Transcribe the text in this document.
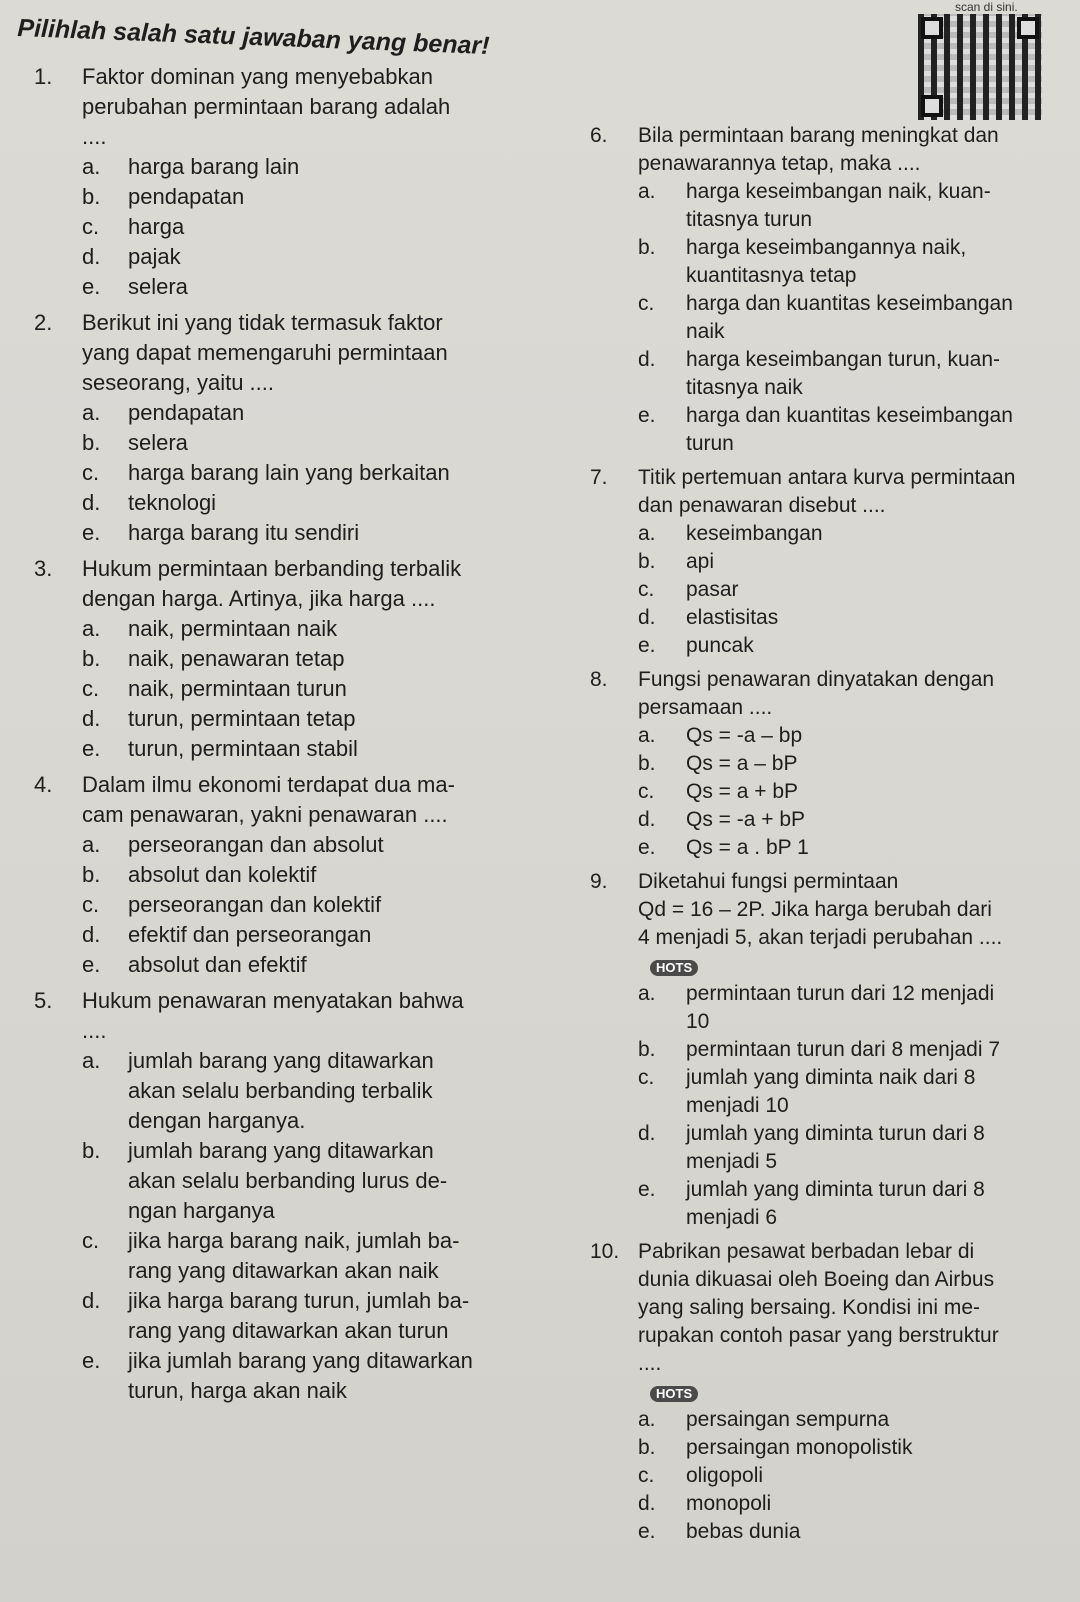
scan di sini.
Pilihlah salah satu jawaban yang benar!
1. Faktor dominan yang menyebabkan
perubahan permintaan barang adalah
....
a. harga barang lain
b. pendapatan
c. harga
d. pajak
e. selera
2. Berikut ini yang tidak termasuk faktor
yang dapat memengaruhi permintaan
seseorang, yaitu ....
a. pendapatan
b. selera
c. harga barang lain yang berkaitan
d. teknologi
e. harga barang itu sendiri
3. Hukum permintaan berbanding terbalik
dengan harga. Artinya, jika harga ....
a. naik, permintaan naik
b. naik, penawaran tetap
c. naik, permintaan turun
d. turun, permintaan tetap
e. turun, permintaan stabil
4. Dalam ilmu ekonomi terdapat dua ma-
cam penawaran, yakni penawaran ....
a. perseorangan dan absolut
b. absolut dan kolektif
c. perseorangan dan kolektif
d. efektif dan perseorangan
e. absolut dan efektif
5. Hukum penawaran menyatakan bahwa
....
a. jumlah barang yang ditawarkan
akan selalu berbanding terbalik
dengan harganya.
b. jumlah barang yang ditawarkan
akan selalu berbanding lurus de-
ngan harganya
c. jika harga barang naik, jumlah ba-
rang yang ditawarkan akan naik
d. jika harga barang turun, jumlah ba-
rang yang ditawarkan akan turun
e. jika jumlah barang yang ditawarkan
turun, harga akan naik
6. Bila permintaan barang meningkat dan
penawarannya tetap, maka ....
a. harga keseimbangan naik, kuan-
titasnya turun
b. harga keseimbangannya naik,
kuantitasnya tetap
c. harga dan kuantitas keseimbangan
naik
d. harga keseimbangan turun, kuan-
titasnya naik
e. harga dan kuantitas keseimbangan
turun
7. Titik pertemuan antara kurva permintaan
dan penawaran disebut ....
a. keseimbangan
b. api
c. pasar
d. elastisitas
e. puncak
8. Fungsi penawaran dinyatakan dengan
persamaan ....
a. Qs = -a – bp
b. Qs = a – bP
c. Qs = a + bP
d. Qs = -a + bP
e. Qs = a . bP 1
9. Diketahui fungsi permintaan
Qd = 16 – 2P. Jika harga berubah dari
4 menjadi 5, akan terjadi perubahan ....
HOTS
a. permintaan turun dari 12 menjadi
10
b. permintaan turun dari 8 menjadi 7
c. jumlah yang diminta naik dari 8
menjadi 10
d. jumlah yang diminta turun dari 8
menjadi 5
e. jumlah yang diminta turun dari 8
menjadi 6
10. Pabrikan pesawat berbadan lebar di
dunia dikuasai oleh Boeing dan Airbus
yang saling bersaing. Kondisi ini me-
rupakan contoh pasar yang berstruktur
....
HOTS
a. persaingan sempurna
b. persaingan monopolistik
c. oligopoli
d. monopoli
e. bebas dunia
